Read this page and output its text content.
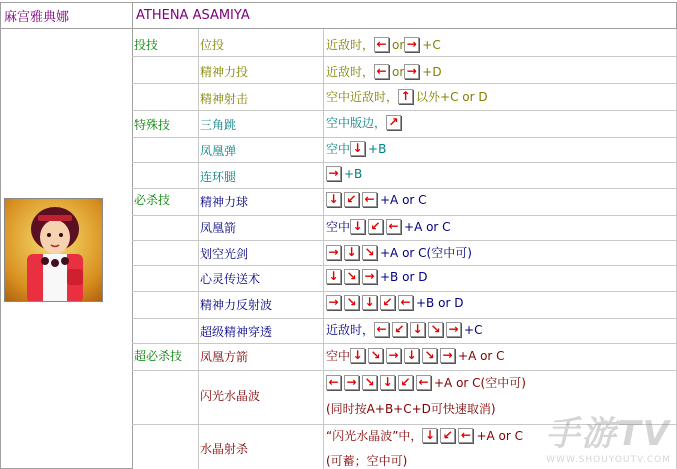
麻宫雅典娜	ATHENA ASAMIYA
投技
特殊技
必杀技
超必杀技
位投
精神力投
精神射击
三角跳
凤凰弹
连环腿
精神力球
凤凰箭
划空光剑
心灵传送术
精神力反射波
超级精神穿透
凤凰方箭
闪光水晶波
水晶射杀
近敌时， ← or → +C
近敌时， ← or → +D
空中近敌时， ↑ 以外+C or D
空中版边， ↗
空中 ↓ +B
→ +B
↓ ↙ ← +A or C
空中 ↓ ↙ ← +A or C
→ ↓ ↘ +A or C(空中可)
↓ ↘ → +B or D
→ ↘ ↓ ↙ ← +B or D
近敌时， ← ↙ ↓ ↘ → +C
空中 ↓ ↘ → ↓ ↘ → +A or C
← → ↘ ↓ ↙ ← +A or C(空中可)
(同时按A+B+C+D可快速取消)
“闪光水晶波”中， ↓ ↙ ← +A or C
(可蓄；空中可)
手游TV
WWW.SHOUYOUTV.COM
